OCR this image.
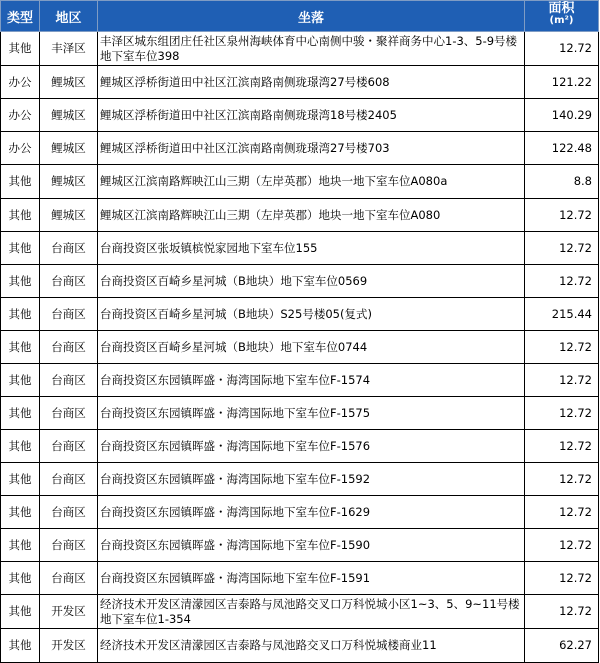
类型	地区	坐落	面积
(m²)

其他	丰泽区	丰泽区城东组团庄任社区泉州海峡体育中心南侧中骏・聚祥商务中心1-3、5-9号楼地下室车位398	12.72
办公	鲤城区	鲤城区浮桥街道田中社区江滨南路南侧珑璟湾27号楼608	121.22
办公	鲤城区	鲤城区浮桥街道田中社区江滨南路南侧珑璟湾18号楼2405	140.29
办公	鲤城区	鲤城区浮桥街道田中社区江滨南路南侧珑璟湾27号楼703	122.48
其他	鲤城区	鲤城区江滨南路辉映江山三期（左岸英郡）地块一地下室车位A080a	8.8
其他	鲤城区	鲤城区江滨南路辉映江山三期（左岸英郡）地块一地下室车位A080	12.72
其他	台商区	台商投资区张坂镇槟悦家园地下室车位155	12.72
其他	台商区	台商投资区百崎乡星河城（B地块）地下室车位0569	12.72
其他	台商区	台商投资区百崎乡星河城（B地块）S25号楼05(复式)	215.44
其他	台商区	台商投资区百崎乡星河城（B地块）地下室车位0744	12.72
其他	台商区	台商投资区东园镇晖盛・海湾国际地下室车位F-1574	12.72
其他	台商区	台商投资区东园镇晖盛・海湾国际地下室车位F-1575	12.72
其他	台商区	台商投资区东园镇晖盛・海湾国际地下室车位F-1576	12.72
其他	台商区	台商投资区东园镇晖盛・海湾国际地下室车位F-1592	12.72
其他	台商区	台商投资区东园镇晖盛・海湾国际地下室车位F-1629	12.72
其他	台商区	台商投资区东园镇晖盛・海湾国际地下室车位F-1590	12.72
其他	台商区	台商投资区东园镇晖盛・海湾国际地下室车位F-1591	12.72
其他	开发区	经济技术开发区清濛园区吉泰路与凤池路交叉口万科悦城小区1~3、5、9~11号楼地下室车位1-354	12.72
其他	开发区	经济技术开发区清濛园区吉泰路与凤池路交叉口万科悦城楼商业11	62.27
